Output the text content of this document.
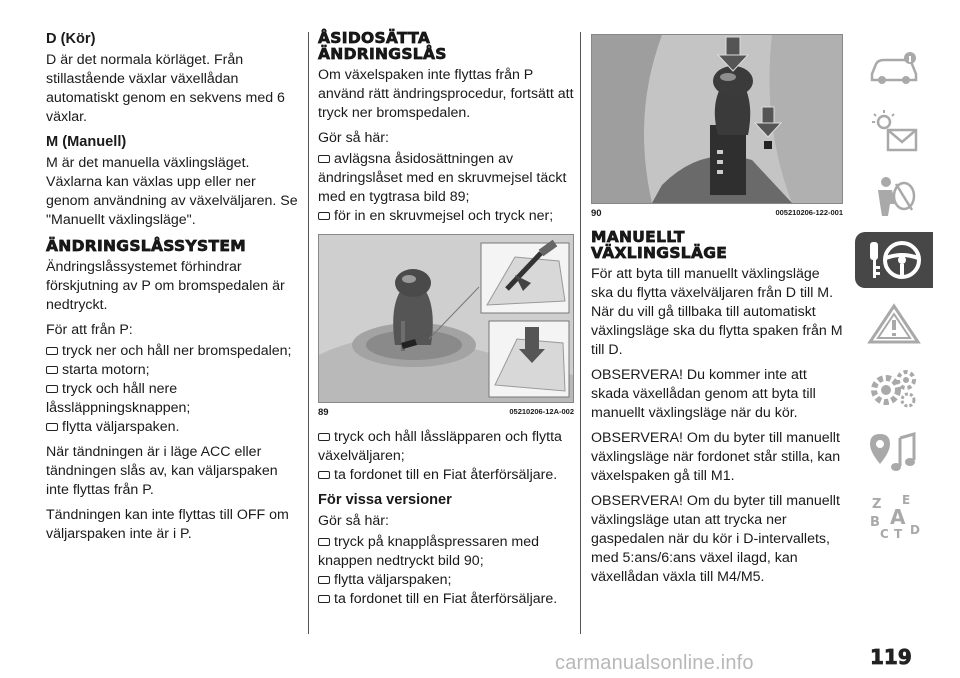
D (Kör)

D är det normala körläget. Från stillastående växlar växellådan automatiskt genom en sekvens med 6 växlar.

M (Manuell)

M är det manuella växlingsläget. Växlarna kan växlas upp eller ner genom användning av växelväljaren. Se "Manuellt växlingsläge".

ÄNDRINGSLÅSSYSTEM

Ändringslåssystemet förhindrar förskjutning av P om bromspedalen är nedtryckt.

För att från P:

tryck ner och håll ner bromspedalen;

starta motorn;

tryck och håll nere låssläppningsknappen;

flytta väljarspaken.

När tändningen är i läge ACC eller tändningen slås av, kan väljarspaken inte flyttas från P.

Tändningen kan inte flyttas till OFF om väljarspaken inte är i P.

ÅSIDOSÄTTA ÄNDRINGSLÅS

Om växelspaken inte flyttas från P använd rätt ändringsprocedur, fortsätt att tryck ner bromspedalen.

Gör så här:

avlägsna åsidosättningen av ändringslåset med en skruvmejsel täckt med en tygtrasa bild 89;

för in en skruvmejsel och tryck ner;

89	05210206-12A-002

tryck och håll låssläpparen och flytta växelväljaren;

ta fordonet till en Fiat återförsäljare.

För vissa versioner

Gör så här:

tryck på knapplåspressaren med knappen nedtryckt bild 90;

flytta väljarspaken;

ta fordonet till en Fiat återförsäljare.

90	005210206-122-001
MANUELLT VÄXLINGSLÄGE

För att byta till manuellt växlingsläge ska du flytta växelväljaren från D till M. När du vill gå tillbaka till automatiskt växlingsläge ska du flytta spaken från M till D.

OBSERVERA! Du kommer inte att skada växellådan genom att byta till manuellt växlingsläge när du kör.

OBSERVERA! Om du byter till manuellt växlingsläge när fordonet står stilla, kan växelspaken gå till M1.

OBSERVERA! Om du byter till manuellt växlingsläge utan att trycka ner gaspedalen när du kör i D-intervallets, med 5:ans/6:ans växel ilagd, kan växellådan växla till M4/M5.

Z E
B A
C T D
carmanualsonline.info	119
